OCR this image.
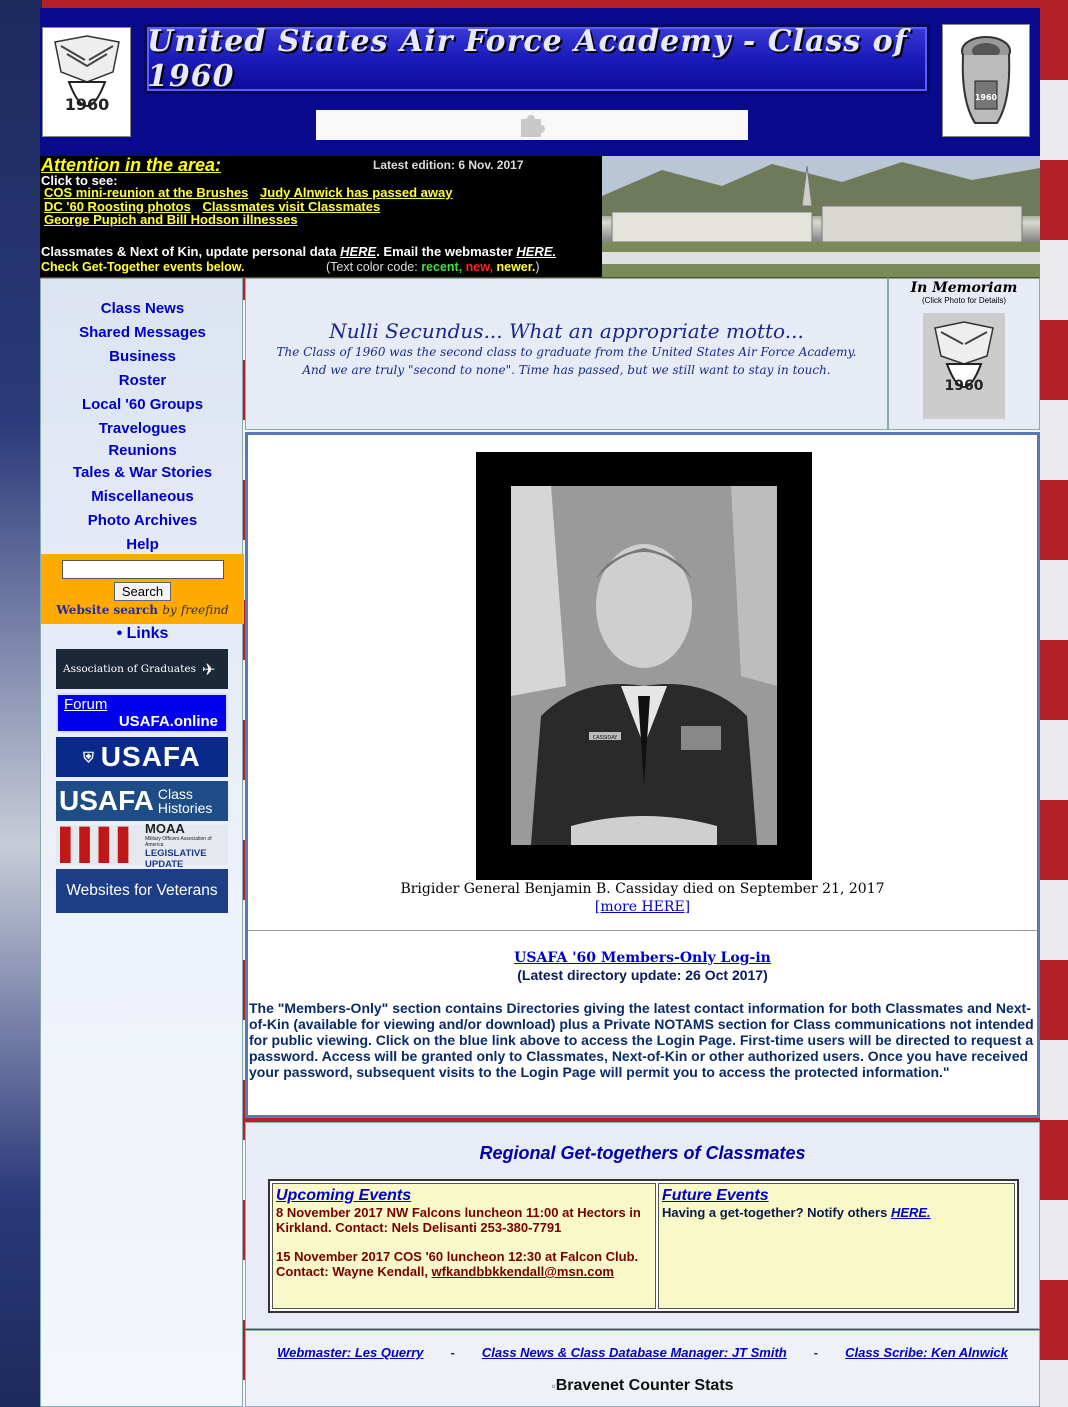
1960
United States Air Force Academy - Class of 1960
1960
Attention in the area:	Latest edition: 6 Nov. 2017
Click to see:
COS mini-reunion at the Brushes Judy Alnwick has passed away
DC '60 Roosting photos Classmates visit Classmates
George Pupich and Bill Hodson illnesses
Classmates & Next of Kin, update personal data HERE. Email the webmaster HERE.
Check Get-Together events below.	(Text color code: recent, new, newer.)
Class News
Shared Messages
Business
Roster
Local '60 Groups
Travelogues
Reunions
Tales & War Stories
Miscellaneous
Photo Archives
Help
Search
Website search by freefind
• Links
Association of Graduates ✈
Forum
USAFA.online
⛨ USAFA
USAFA Class
Histories
▌▌▌▌ MOAA
Military Officers Association of America
LEGISLATIVE UPDATE
Websites for Veterans
Nulli Secundus... What an appropriate motto...

The Class of 1960 was the second class to graduate from the United States Air Force Academy.

And we are truly "second to none". Time has passed, but we still want to stay in touch.

In Memoriam
(Click Photo for Details)
1960
CASSIDAY
Brigider General Benjamin B. Cassiday died on September 21, 2017
[more HERE]
USAFA '60 Members-Only Log-in
(Latest directory update: 26 Oct 2017)
The "Members-Only" section contains Directories giving the latest contact information for both Classmates and Next-of-Kin (available for viewing and/or download) plus a Private NOTAMS section for Class communications not intended for public viewing. Click on the blue link above to access the Login Page. First-time users will be directed to request a password. Access will be granted only to Classmates, Next-of-Kin or other authorized users. Once you have received your password, subsequent visits to the Login Page will permit you to access the protected information."
Regional Get-togethers of Classmates
Upcoming Events
8 November 2017 NW Falcons luncheon 11:00 at Hectors in Kirkland. Contact: Nels Delisanti 253-380-7791
15 November 2017 COS '60 luncheon 12:30 at Falcon Club. Contact: Wayne Kendall, wfkandbbkkendall@msn.com
Future Events
Having a get-together? Notify others HERE.
Webmaster: Les Querry - Class News & Class Database Manager: JT Smith - Class Scribe: Ken Alnwick
▫Bravenet Counter Stats
